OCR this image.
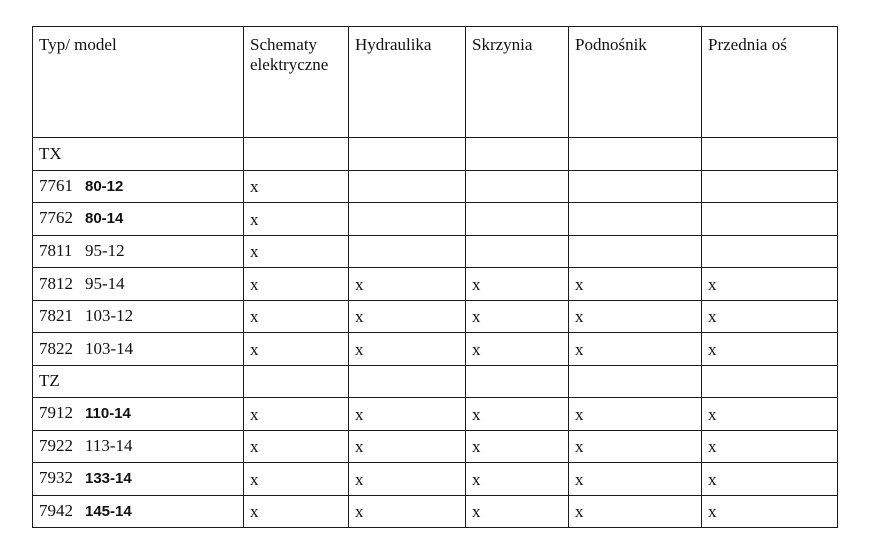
Typ/ model	Schematy elektryczne	Hydraulika	Skrzynia	Podnośnik	Przednia oś
TX					
7761 80-12	x				
7762 80-14	x				
7811 95-12	x				
7812 95-14	x	x	x	x	x
7821 103-12	x	x	x	x	x
7822 103-14	x	x	x	x	x
TZ					
7912 110-14	x	x	x	x	x
7922 113-14	x	x	x	x	x
7932 133-14	x	x	x	x	x
7942 145-14	x	x	x	x	x
